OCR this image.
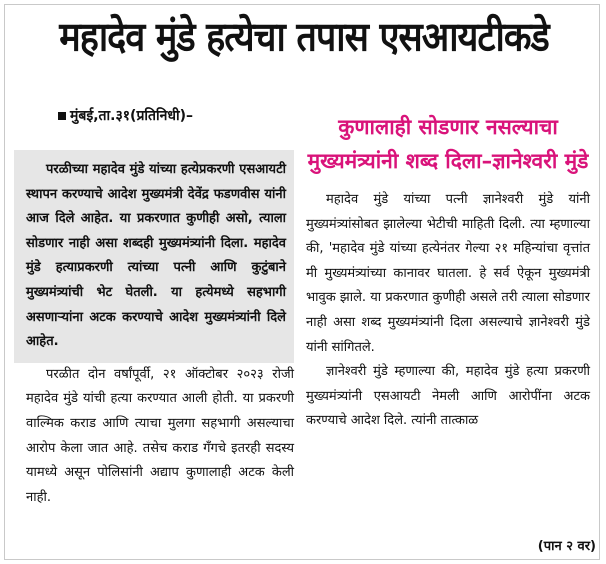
महादेव मुंडे हत्येचा तपास एसआयटीकडे
मुंबई,ता.३१(प्रतिनिधी)–

परळीच्या महादेव मुंडे यांच्या हत्येप्रकरणी एसआयटी स्थापन करण्याचे आदेश मुख्यमंत्री देवेंद्र फडणवीस यांनी आज दिले आहेत. या प्रकरणात कुणीही असो, त्याला सोडणार नाही असा शब्दही मुख्यमंत्र्यांनी दिला. महादेव मुंडे हत्याप्रकरणी त्यांच्या पत्नी आणि कुटुंबाने मुख्यमंत्र्यांची भेट घेतली. या हत्येमध्ये सहभागी असणाऱ्यांना अटक करण्याचे आदेश मुख्यमंत्र्यांनी दिले आहेत.

परळीत दोन वर्षांपूर्वी, २१ ऑक्टोबर २०२३ रोजी महादेव मुंडे यांची हत्या करण्यात आली होती. या प्रकरणी वाल्मिक कराड आणि त्याचा मुलगा सहभागी असल्याचा आरोप केला जात आहे. तसेच कराड गँगचे इतरही सदस्य यामध्ये असून पोलिसांनी अद्याप कुणालाही अटक केली नाही.

कुणालाही सोडणार नसल्याचा मुख्यमंत्र्यांनी शब्द दिला–ज्ञानेश्वरी मुंडे

महादेव मुंडे यांच्या पत्नी ज्ञानेश्वरी मुंडे यांनी मुख्यमंत्र्यांसोबत झालेल्या भेटीची माहिती दिली. त्या म्हणाल्या की, 'महादेव मुंडे यांच्या हत्येनंतर गेल्या २१ महिन्यांचा वृत्तांत मी मुख्यमंत्र्यांच्या कानावर घातला. हे सर्व ऐकून मुख्यमंत्री भावुक झाले. या प्रकरणात कुणीही असले तरी त्याला सोडणार नाही असा शब्द मुख्यमंत्र्यांनी दिला असल्याचे ज्ञानेश्वरी मुंडे यांनी सांगितले.

ज्ञानेश्वरी मुंडे म्हणाल्या की, महादेव मुंडे हत्या प्रकरणी मुख्यमंत्र्यांनी एसआयटी नेमली आणि आरोपींना अटक करण्याचे आदेश दिले. त्यांनी तात्काळ

(पान २ वर)
